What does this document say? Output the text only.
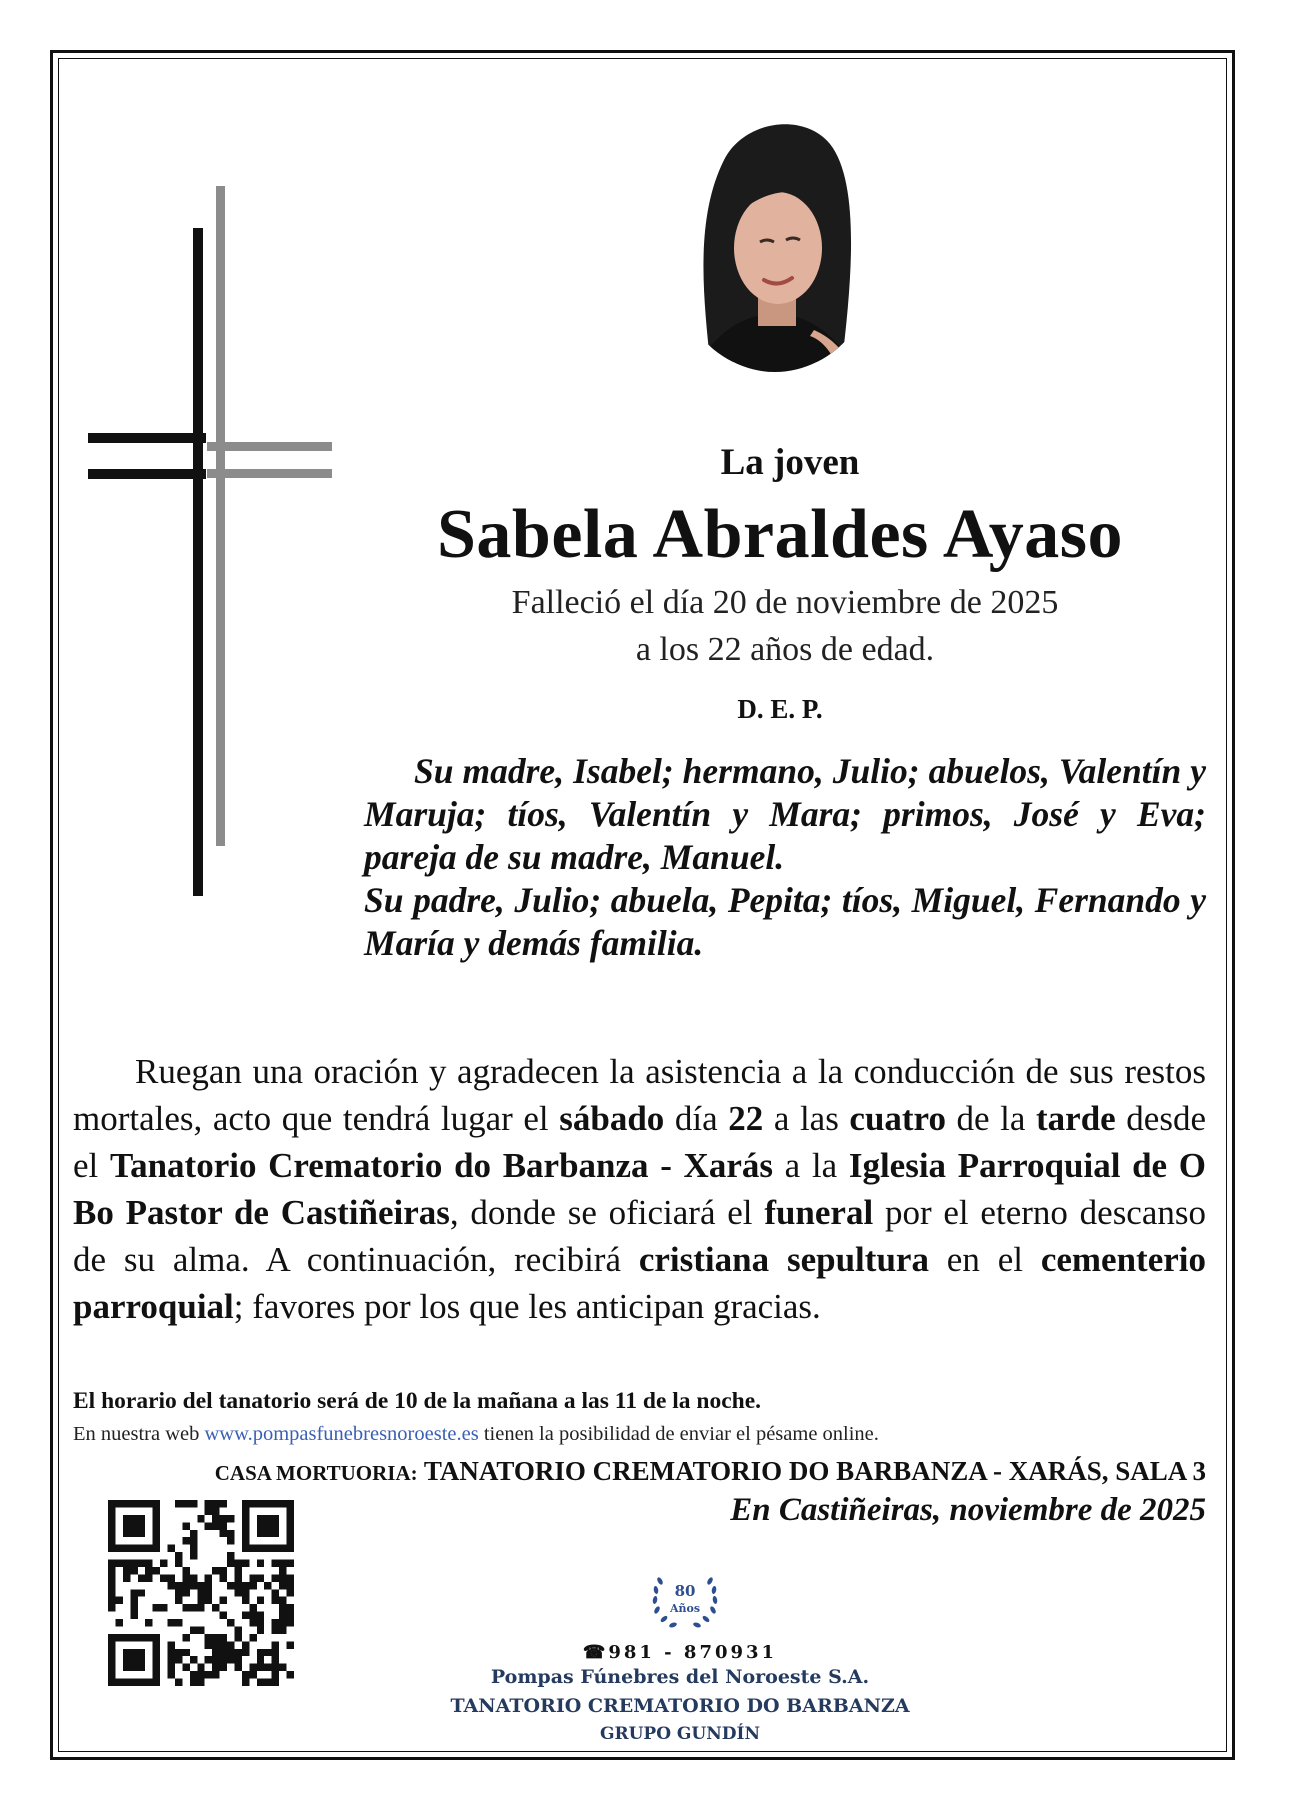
La joven

Sabela Abraldes Ayaso

Falleció el día 20 de noviembre de 2025

a los 22 años de edad.

D. E. P.

Su madre, Isabel; hermano, Julio; abuelos, Valentín y Maruja; tíos, Valentín y Mara; primos, José y Eva; pareja de su madre, Manuel.

Su padre, Julio; abuela, Pepita; tíos, Miguel, Fernando y María y demás familia.

Ruegan una oración y agradecen la asistencia a la conducción de sus restos mortales, acto que tendrá lugar el sábado día 22 a las cuatro de la tarde desde el Tanatorio Crematorio do Barbanza - Xarás a la Iglesia Parroquial de O Bo Pastor de Castiñeiras, donde se oficiará el funeral por el eterno descanso de su alma. A continuación, recibirá cristiana sepultura en el cementerio parroquial; favores por los que les anticipan gracias.

El horario del tanatorio será de 10 de la mañana a las 11 de la noche.

En nuestra web www.pompasfunebresnoroeste.es tienen la posibilidad de enviar el pésame online.

CASA MORTUORIA: TANATORIO CREMATORIO DO BARBANZA - XARÁS, SALA 3

En Castiñeiras, noviembre de 2025

80
Años

☎981 - 870931

Pompas Fúnebres del Noroeste S.A.

TANATORIO CREMATORIO DO BARBANZA

GRUPO GUNDÍN
